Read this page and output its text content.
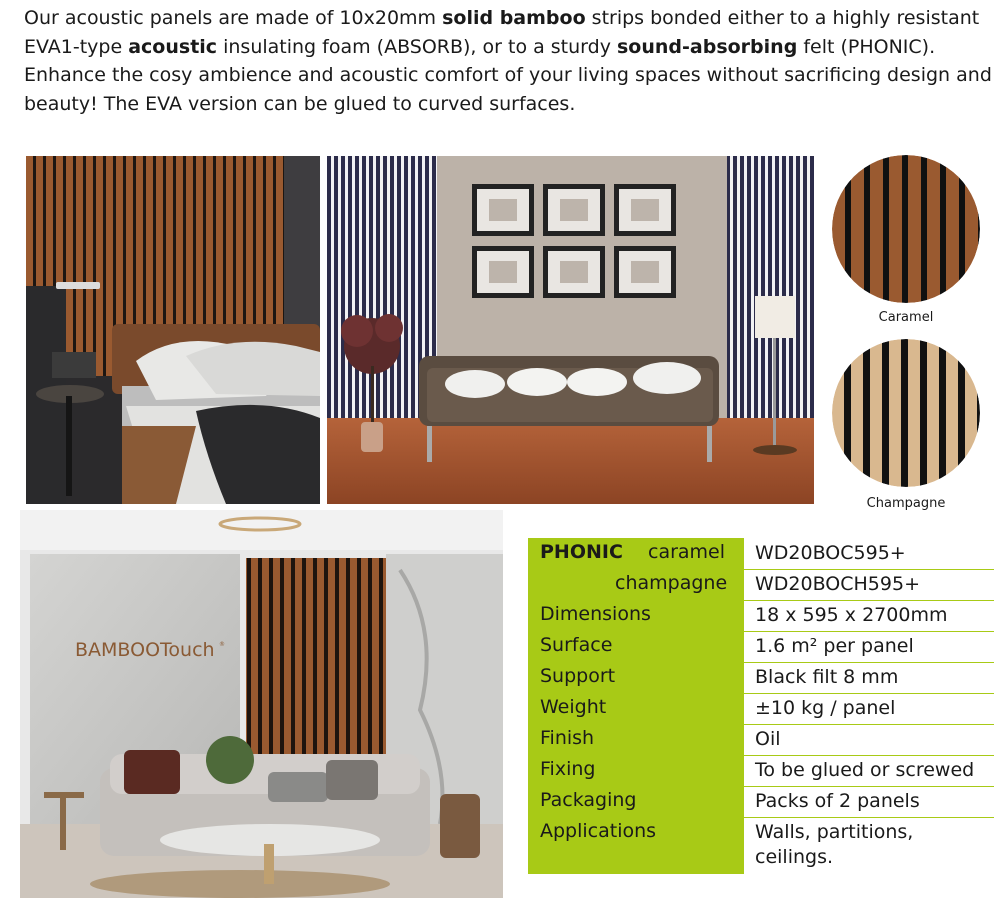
Our acoustic panels are made of 10x20mm solid bamboo strips bonded either to a highly resistant EVA1-type acoustic insulating foam (ABSORB), or to a sturdy sound-absorbing felt (PHONIC). Enhance the cosy ambience and acoustic comfort of your living spaces without sacrificing design and beauty! The EVA version can be glued to curved surfaces.
Caramel
Champagne
BAMBOOTouch ®
PHONIC caramel WD20BOC595+
champagne WD20BOCH595+
Dimensions	18 x 595 x 2700mm
Surface	1.6 m² per panel
Support	Black filt 8 mm
Weight	±10 kg / panel
Finish	Oil
Fixing	To be glued or screwed
Packaging	Packs of 2 panels
Applications	Walls, partitions, ceilings.
